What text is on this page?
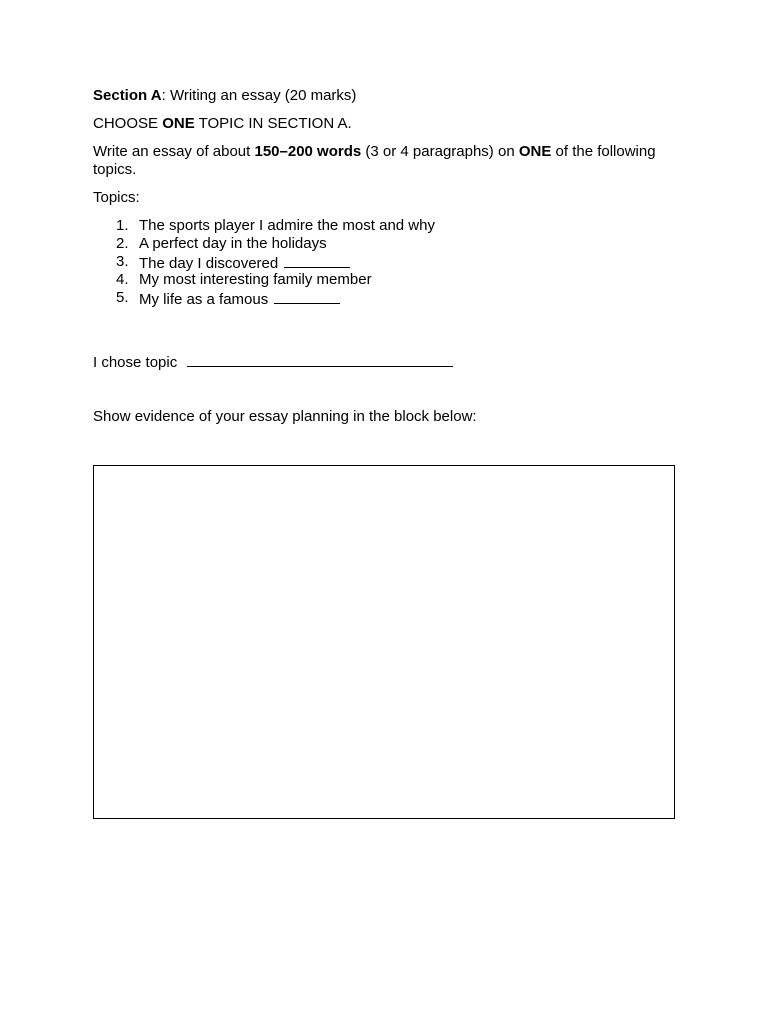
Section A: Writing an essay (20 marks)

CHOOSE ONE TOPIC IN SECTION A.

Write an essay of about 150–200 words (3 or 4 paragraphs) on ONE of the following topics.

Topics:

1. The sports player I admire the most and why
2. A perfect day in the holidays
3. The day I discovered
4. My most interesting family member
5. My life as a famous

I chose topic

Show evidence of your essay planning in the block below:
